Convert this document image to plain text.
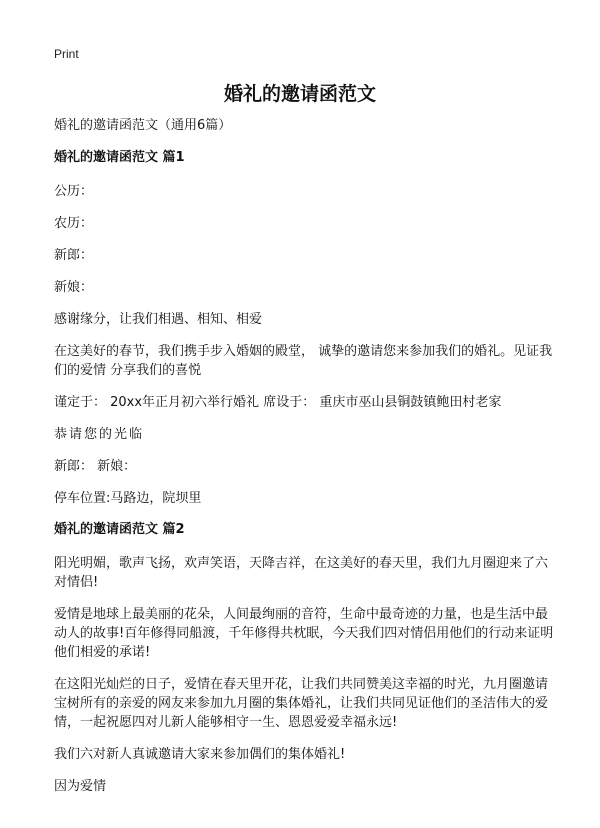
Print
婚礼的邀请函范文

婚礼的邀请函范文（通用6篇）

婚礼的邀请函范文 篇1

公历：

农历：

新郎：

新娘：

感谢缘分，让我们相遇、相知、相爱

在这美好的春节，我们携手步入婚姻的殿堂， 诚挚的邀请您来参加我们的婚礼。见证我们的爱情 分享我们的喜悦

谨定于： 20xx年正月初六举行婚礼 席设于： 重庆市巫山县铜鼓镇鲍田村老家

恭请您的光临

新郎： 新娘：

停车位置:马路边，院坝里

婚礼的邀请函范文 篇2

阳光明媚，歌声飞扬，欢声笑语，天降吉祥，在这美好的春天里，我们九月圈迎来了六对情侣!

爱情是地球上最美丽的花朵，人间最绚丽的音符，生命中最奇迹的力量，也是生活中最动人的故事!百年修得同船渡，千年修得共枕眠，今天我们四对情侣用他们的行动来证明他们相爱的承诺!

在这阳光灿烂的日子，爱情在春天里开花，让我们共同赞美这幸福的时光，九月圈邀请宝树所有的亲爱的网友来参加九月圈的集体婚礼，让我们共同见证他们的圣洁伟大的爱情，一起祝愿四对儿新人能够相守一生、恩恩爱爱幸福永远!

我们六对新人真诚邀请大家来参加偶们的集体婚礼!

因为爱情
